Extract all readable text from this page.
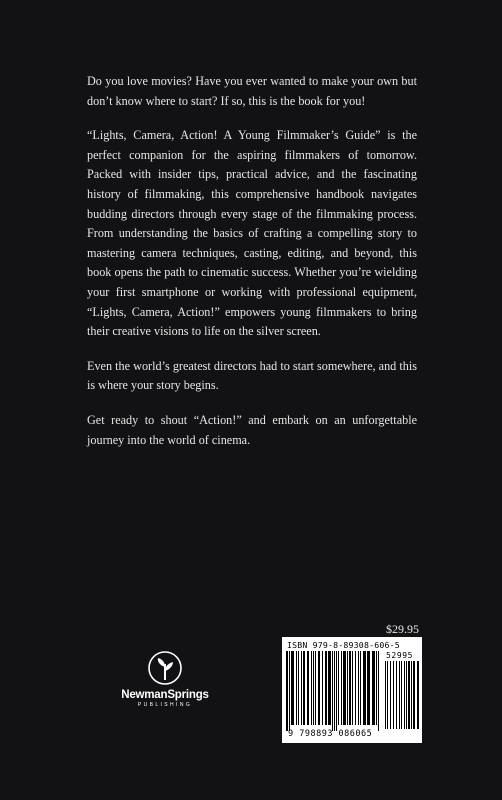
Do you love movies? Have you ever wanted to make your own but don’t know where to start? If so, this is the book for you!

“Lights, Camera, Action! A Young Filmmaker’s Guide” is the perfect companion for the aspiring filmmakers of tomorrow. Packed with insider tips, practical advice, and the fascinating history of filmmaking, this comprehensive handbook navigates budding directors through every stage of the filmmaking process. From understanding the basics of crafting a compelling story to mastering camera techniques, casting, editing, and beyond, this book opens the path to cinematic success. Whether you’re wielding your first smartphone or working with professional equipment, “Lights, Camera, Action!” empowers young filmmakers to bring their creative visions to life on the silver screen.

Even the world’s greatest directors had to start somewhere, and this is where your story begins.

Get ready to shout “Action!” and embark on an unforgettable journey into the world of cinema.

$29.95
NewmanSprings
PUBLISHING
ISBN 979-8-89308-606-5
52995
9 798893 086065
